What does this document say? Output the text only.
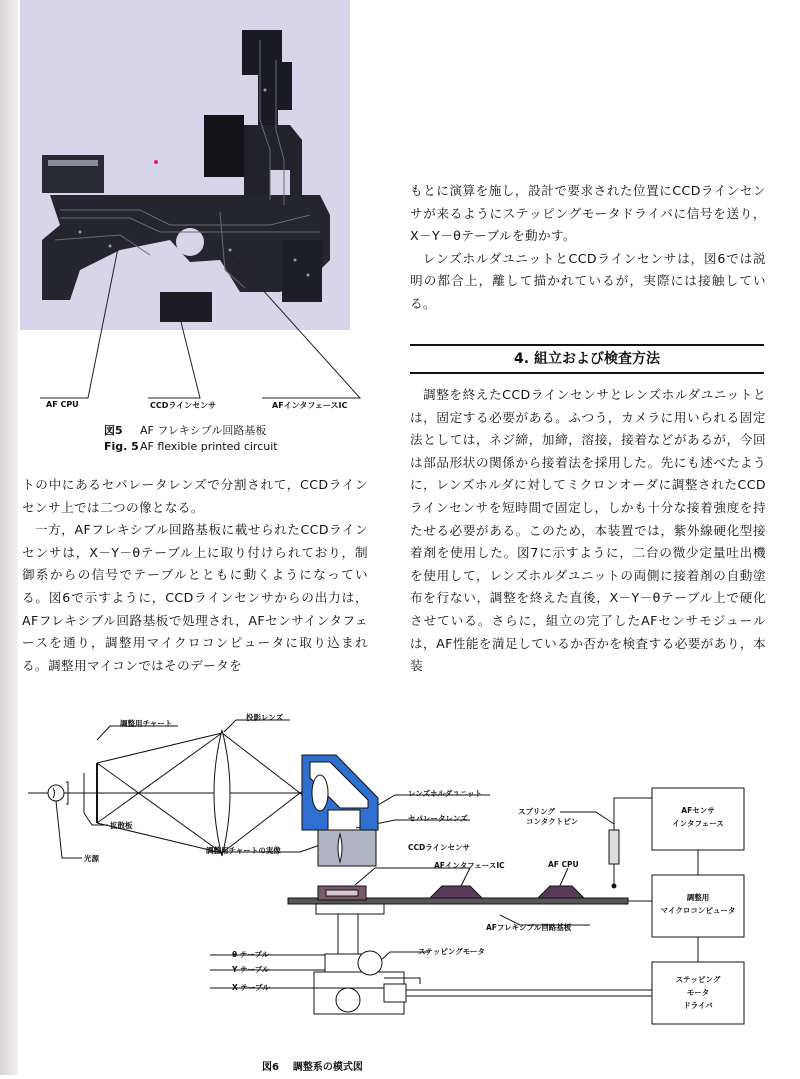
AF CPU	CCDラインセンサ	AFインタフェースIC
図5 AF フレキシブル回路基板
Fig. 5AF flexible printed circuit

トの中にあるセパレータレンズで分割されて，CCDラインセンサ上では二つの像となる。

一方，AFフレキシブル回路基板に載せられたCCDラインセンサは，X－Y－θテーブル上に取り付けられており，制御系からの信号でテーブルとともに動くようになっている。図6で示すように，CCDラインセンサからの出力は，AFフレキシブル回路基板で処理され，AFセンサインタフェースを通り，調整用マイクロコンピュータに取り込まれる。調整用マイコンではそのデータを

もとに演算を施し，設計で要求された位置にCCDラインセンサが来るようにステッピングモータドライバに信号を送り，X－Y－θテーブルを動かす。

レンズホルダユニットとCCDラインセンサは，図6では説明の都合上，離して描かれているが，実際には接触している。

4. 組立および検査方法

調整を終えたCCDラインセンサとレンズホルダユニットとは，固定する必要がある。ふつう，カメラに用いられる固定法としては，ネジ締，加締，溶接，接着などがあるが，今回は部品形状の関係から接着法を採用した。先にも述べたように，レンズホルダに対してミクロンオーダに調整されたCCDラインセンサを短時間で固定し，しかも十分な接着強度を持たせる必要がある。このため，本装置では，紫外線硬化型接着剤を使用した。図7に示すように，二台の微少定量吐出機を使用して，レンズホルダユニットの両側に接着剤の自動塗布を行ない，調整を終えた直後，X－Y－θテーブル上で硬化させている。さらに，組立の完了したAFセンサモジュールは，AF性能を満足しているか否かを検査する必要があり，本装

調整用チャート
投影レンズ
拡散板
光源
レンズホルダユニット
セパレータレンズ
調整用チャートの実像
スプリング
コンタクトピン
CCDラインセンサ
AFインタフェースIC	AF CPU
AFフレキシブル回路基板
ステッピングモータ
θ テーブル
Y テーブル
X テーブル
AFセンサ
インタフェース
調整用
マイクロコンピュータ
ステッピング
モータ
ドライバ
図6 調整系の模式図
